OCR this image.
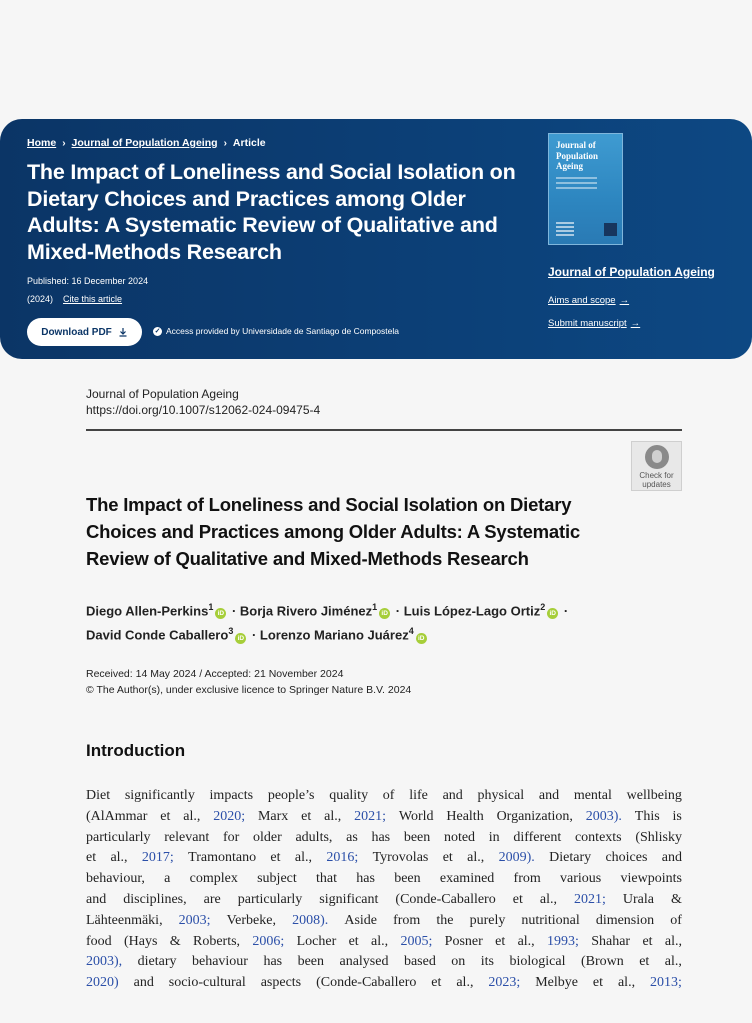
Home › Journal of Population Ageing › Article
The Impact of Loneliness and Social Isolation on Dietary Choices and Practices among Older Adults: A Systematic Review of Qualitative and Mixed-Methods Research
Published: 16 December 2024
(2024) Cite this article
Download PDF	✓ Access provided by Universidade de Santiago de Compostela
Journal of Population Ageing
Journal of Population Ageing
Aims and scope →
Submit manuscript →
Journal of Population Ageing
https://doi.org/10.1007/s12062-024-09475-4
Check for updates
The Impact of Loneliness and Social Isolation on Dietary Choices and Practices among Older Adults: A Systematic Review of Qualitative and Mixed-Methods Research
Diego Allen-Perkins$^1$iD · Borja Rivero Jiménez$^1$iD · Luis López-Lago Ortiz$^2$iD ·
David Conde Caballero$^3$iD · Lorenzo Mariano Juárez$^4$iD
Received: 14 May 2024 / Accepted: 21 November 2024
© The Author(s), under exclusive licence to Springer Nature B.V. 2024
Introduction
Diet significantly impacts people’s quality of life and physical and mental wellbeing
(AlAmmar et al., 2020; Marx et al., 2021; World Health Organization, 2003). This is
particularly relevant for older adults, as has been noted in different contexts (Shlisky
et al., 2017; Tramontano et al., 2016; Tyrovolas et al., 2009). Dietary choices and
behaviour, a complex subject that has been examined from various viewpoints
and disciplines, are particularly significant (Conde-Caballero et al., 2021; Urala &
Lähteenmäki, 2003; Verbeke, 2008). Aside from the purely nutritional dimension of
food (Hays & Roberts, 2006; Locher et al., 2005; Posner et al., 1993; Shahar et al.,
2003), dietary behaviour has been analysed based on its biological (Brown et al.,
2020) and socio-cultural aspects (Conde-Caballero et al., 2023; Melbye et al., 2013;
